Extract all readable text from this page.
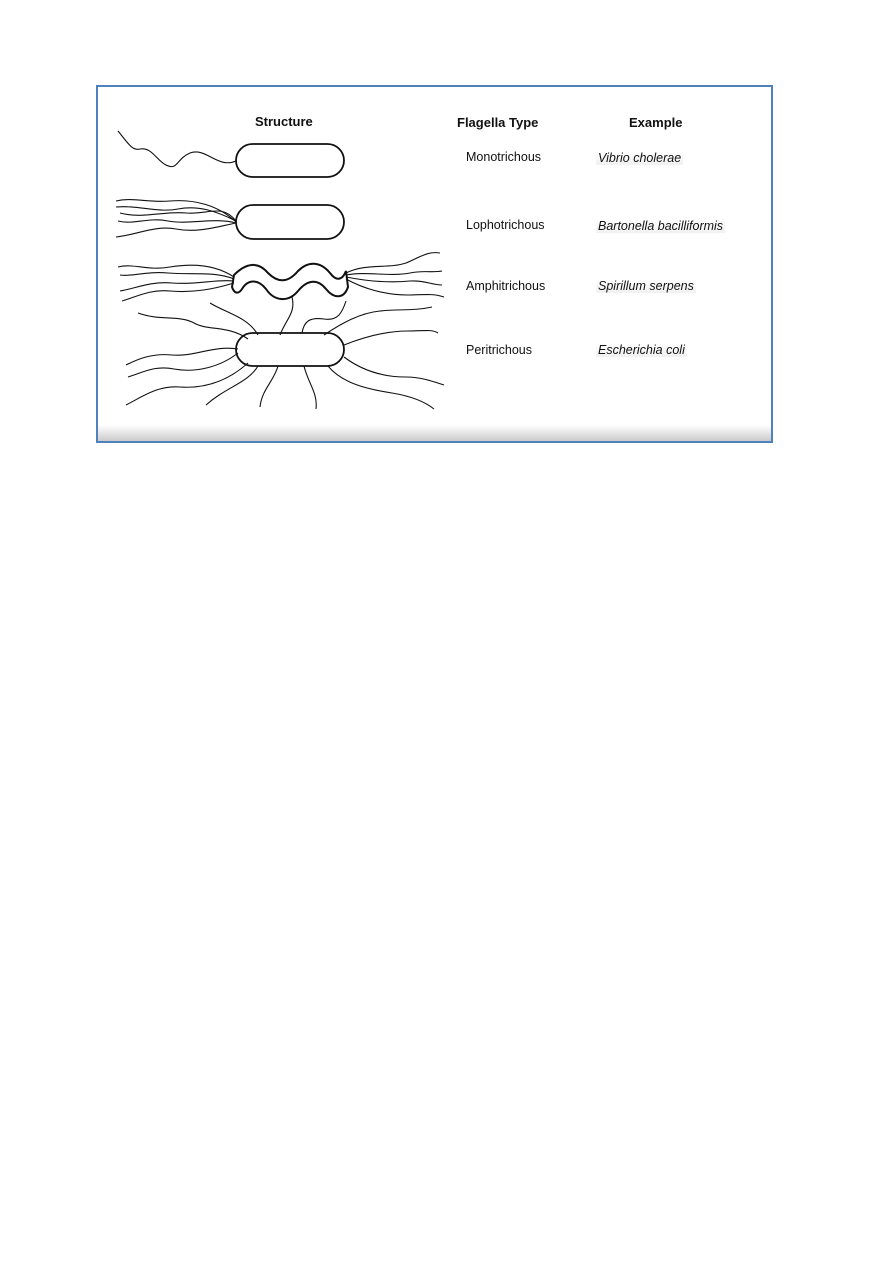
Structure	Flagella Type	Example
Monotrichous	Vibrio cholerae
Lophotrichous	Bartonella bacilliformis
Amphitrichous	Spirillum serpens
Peritrichous	Escherichia coli
